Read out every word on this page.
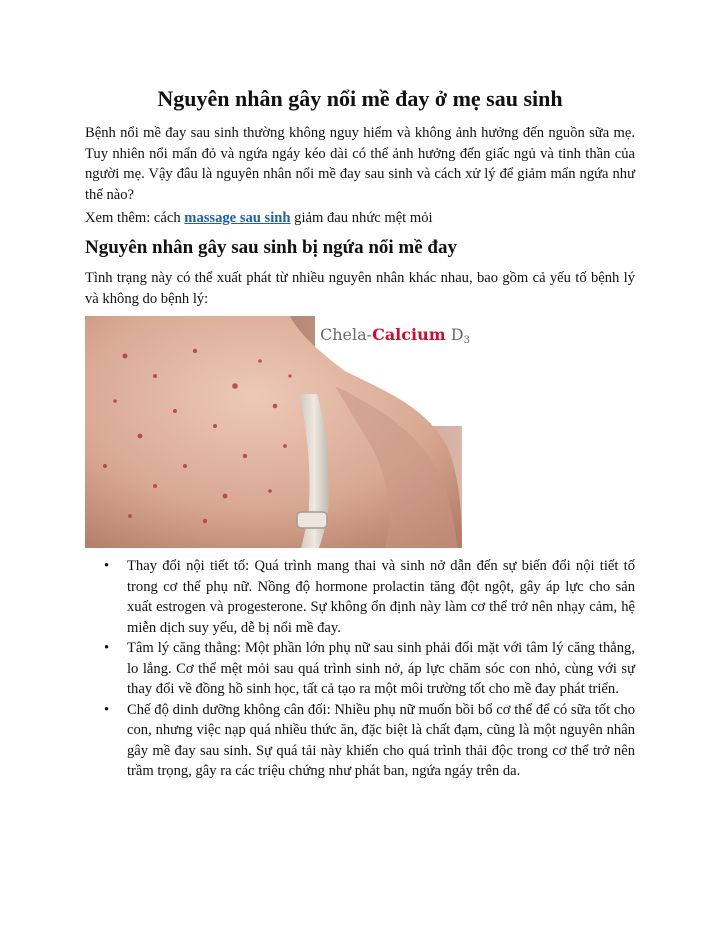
Nguyên nhân gây nổi mề đay ở mẹ sau sinh

Bệnh nổi mề đay sau sinh thường không nguy hiểm và không ảnh hưởng đến nguồn sữa mẹ. Tuy nhiên nổi mẩn đỏ và ngứa ngáy kéo dài có thể ảnh hưởng đến giấc ngủ và tinh thần của người mẹ. Vậy đâu là nguyên nhân nổi mề đay sau sinh và cách xử lý để giảm mẩn ngứa như thế nào?

Xem thêm: cách massage sau sinh giảm đau nhức mệt mỏi

Nguyên nhân gây sau sinh bị ngứa nổi mề đay

Tình trạng này có thể xuất phát từ nhiều nguyên nhân khác nhau, bao gồm cả yếu tố bệnh lý và không do bệnh lý:

Chela-Calcium D3
• Thay đổi nội tiết tố: Quá trình mang thai và sinh nở dẫn đến sự biến đổi nội tiết tố trong cơ thể phụ nữ. Nồng độ hormone prolactin tăng đột ngột, gây áp lực cho sản xuất estrogen và progesterone. Sự không ổn định này làm cơ thể trở nên nhạy cảm, hệ miễn dịch suy yếu, dễ bị nổi mề đay.
• Tâm lý căng thẳng: Một phần lớn phụ nữ sau sinh phải đối mặt với tâm lý căng thẳng, lo lắng. Cơ thể mệt mỏi sau quá trình sinh nở, áp lực chăm sóc con nhỏ, cùng với sự thay đổi về đồng hồ sinh học, tất cả tạo ra một môi trường tốt cho mề đay phát triển.
• Chế độ dinh dưỡng không cân đối: Nhiều phụ nữ muốn bồi bổ cơ thể để có sữa tốt cho con, nhưng việc nạp quá nhiều thức ăn, đặc biệt là chất đạm, cũng là một nguyên nhân gây mề đay sau sinh. Sự quá tải này khiến cho quá trình thải độc trong cơ thể trở nên trầm trọng, gây ra các triệu chứng như phát ban, ngứa ngáy trên da.
